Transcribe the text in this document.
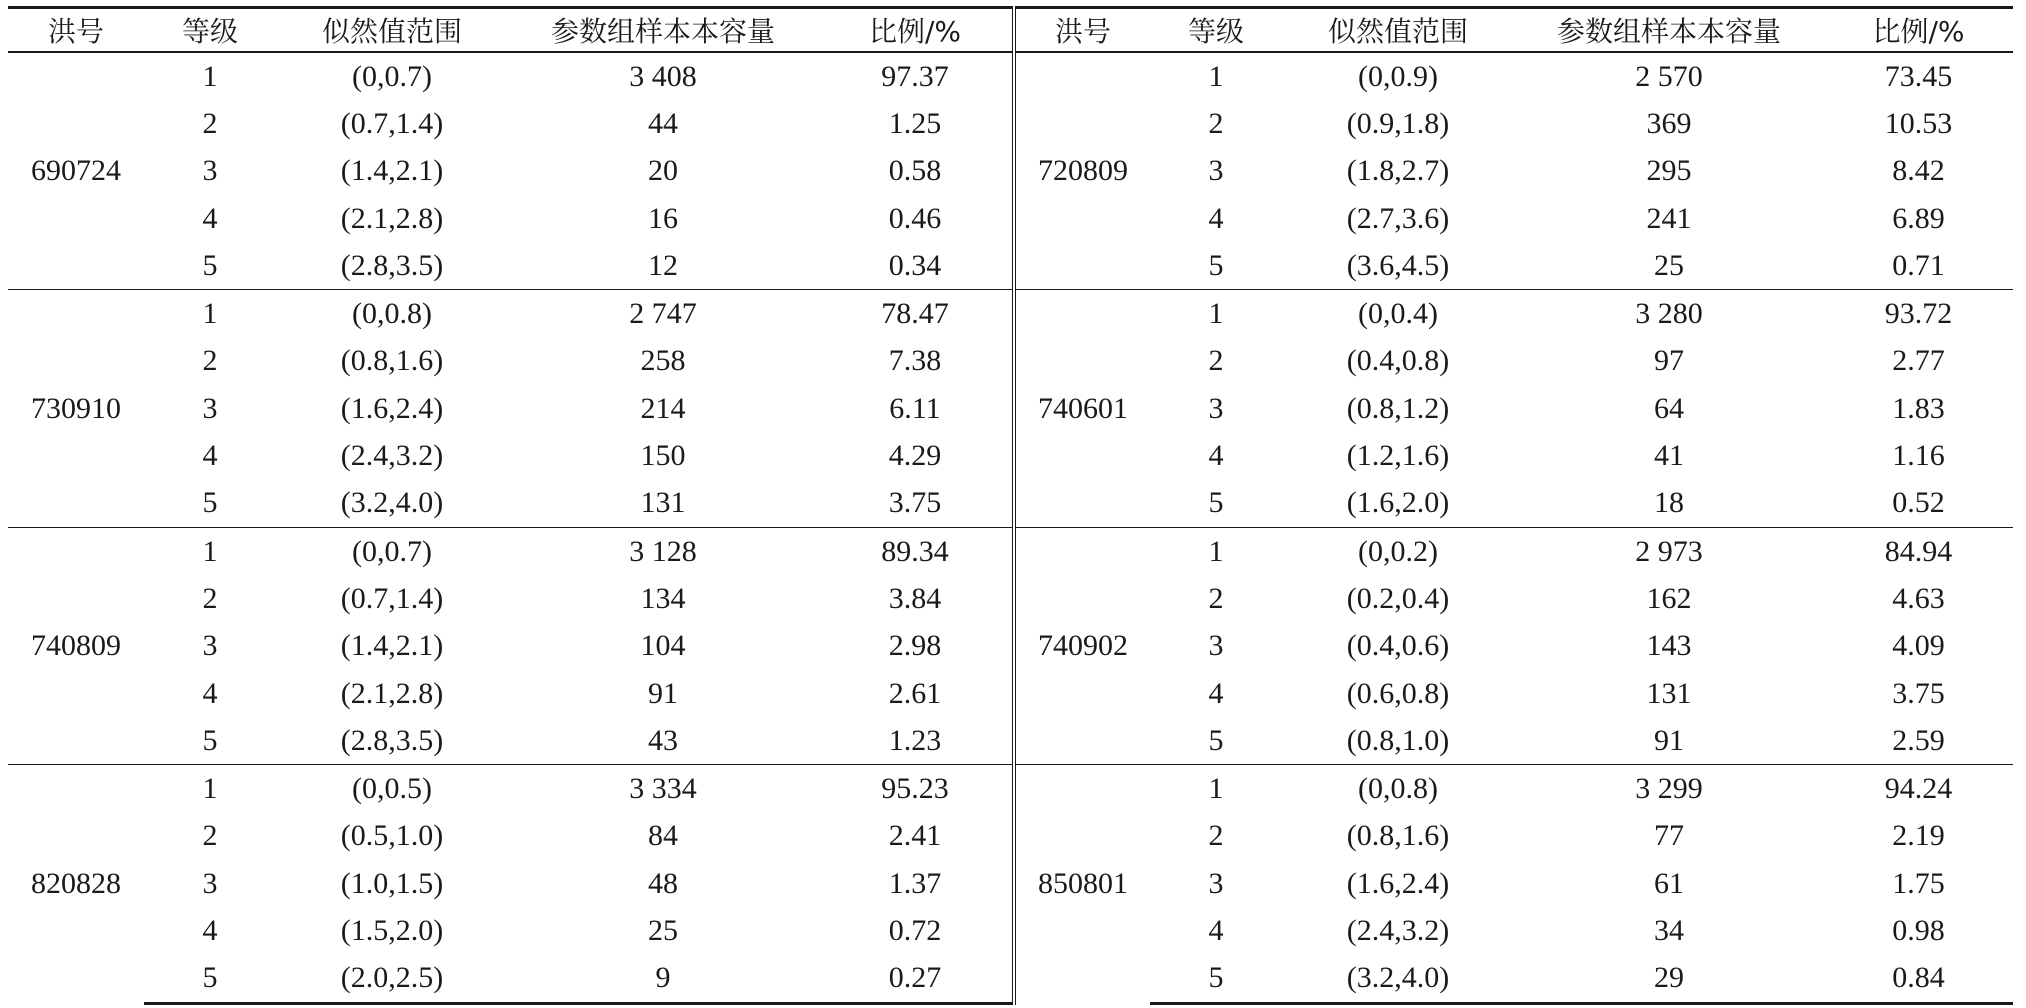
洪号	等级	似然值范围	参数组样本本容量	比例/%	洪号	等级	似然值范围	参数组样本本容量	比例/%
690724	1	(0,0.7)	3 408	97.37	720809	1	(0,0.9)	2 570	73.45
	2	(0.7,1.4)	44	1.25		2	(0.9,1.8)	369	10.53
	3	(1.4,2.1)	20	0.58		3	(1.8,2.7)	295	8.42
	4	(2.1,2.8)	16	0.46		4	(2.7,3.6)	241	6.89
	5	(2.8,3.5)	12	0.34		5	(3.6,4.5)	25	0.71
730910	1	(0,0.8)	2 747	78.47	740601	1	(0,0.4)	3 280	93.72
	2	(0.8,1.6)	258	7.38		2	(0.4,0.8)	97	2.77
	3	(1.6,2.4)	214	6.11		3	(0.8,1.2)	64	1.83
	4	(2.4,3.2)	150	4.29		4	(1.2,1.6)	41	1.16
	5	(3.2,4.0)	131	3.75		5	(1.6,2.0)	18	0.52
740809	1	(0,0.7)	3 128	89.34	740902	1	(0,0.2)	2 973	84.94
	2	(0.7,1.4)	134	3.84		2	(0.2,0.4)	162	4.63
	3	(1.4,2.1)	104	2.98		3	(0.4,0.6)	143	4.09
	4	(2.1,2.8)	91	2.61		4	(0.6,0.8)	131	3.75
	5	(2.8,3.5)	43	1.23		5	(0.8,1.0)	91	2.59
820828	1	(0,0.5)	3 334	95.23	850801	1	(0,0.8)	3 299	94.24
	2	(0.5,1.0)	84	2.41		2	(0.8,1.6)	77	2.19
	3	(1.0,1.5)	48	1.37		3	(1.6,2.4)	61	1.75
	4	(1.5,2.0)	25	0.72		4	(2.4,3.2)	34	0.98
	5	(2.0,2.5)	9	0.27		5	(3.2,4.0)	29	0.84
